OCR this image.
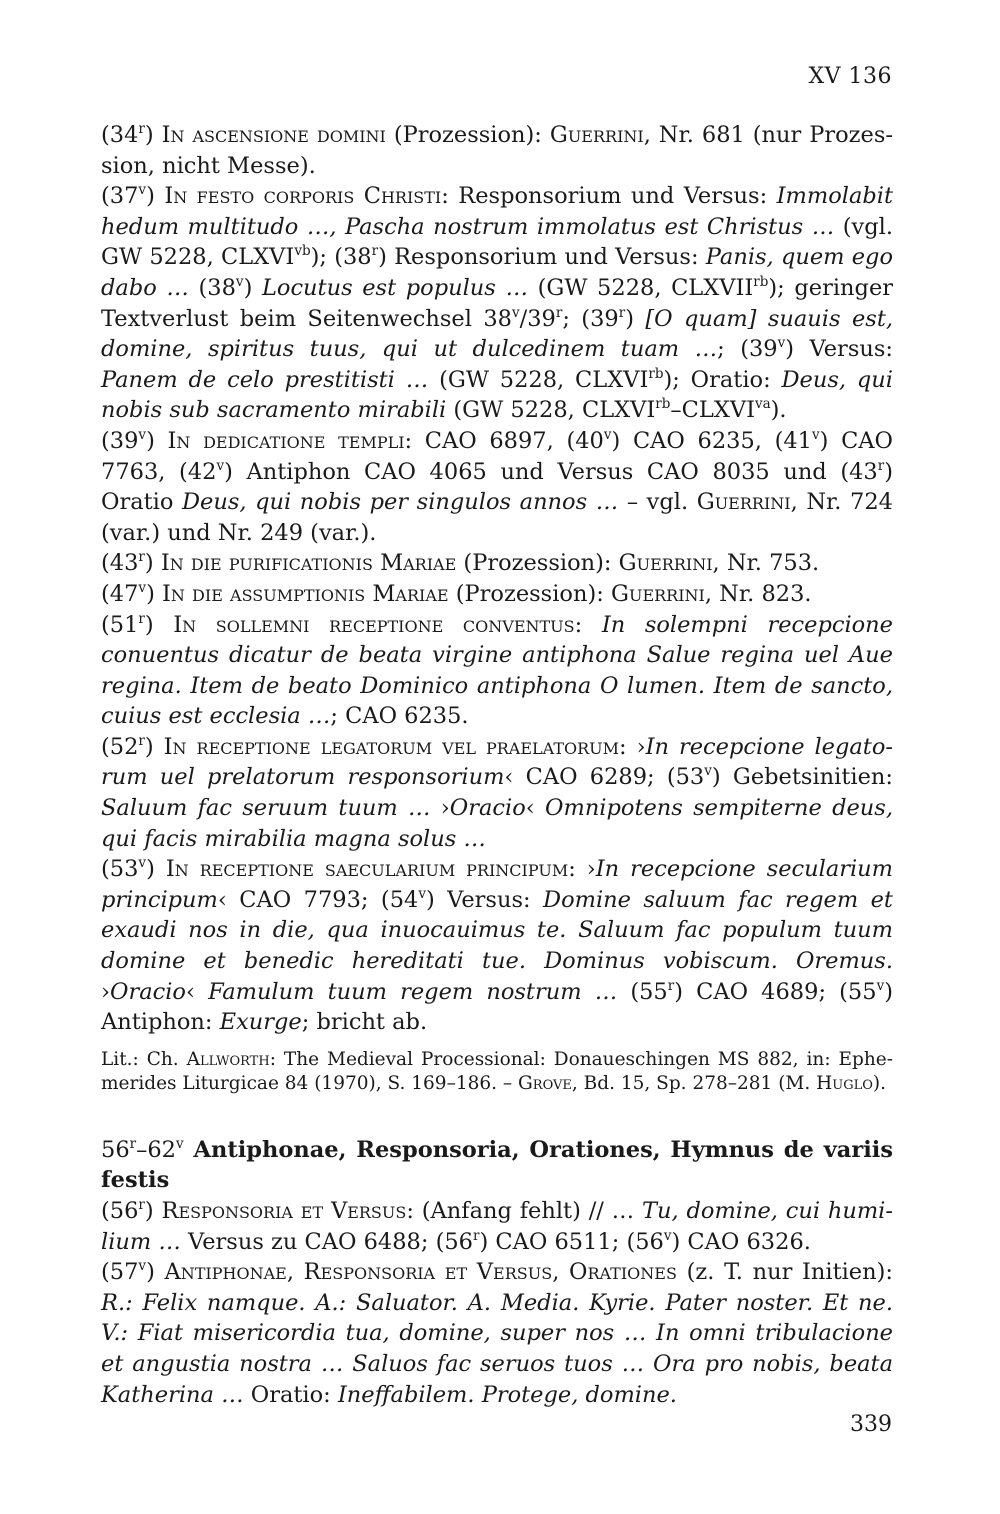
XV 136

(34$^r$) In ascensione domini (Prozession): Guerrini, Nr. 681 (nur Prozession, nicht Messe).

(37$^v$) In festo corporis Christi: Responsorium und Versus: Immolabit hedum multitudo …, Pascha nostrum immolatus est Christus … (vgl. GW 5228, $CLXVI^{vb}$); (38$^r$) Responsorium und Versus: Panis, quem ego dabo … (38$^v$) Locutus est populus … (GW 5228, $CLXVII^{rb}$); geringer Textverlust beim Seitenwechsel 38$^v$/39$^r$; (39$^r$) [O quam] suauis est, domine, spiritus tuus, qui ut dulcedinem tuam …; (39$^v$) Versus: Panem de celo prestitisti … (GW 5228, $CLXVI^{rb}$); Oratio: Deus, qui nobis sub sacramento mirabili (GW 5228, $CLXVI^{rb}-CLXVI^{va}$).

(39$^v$) In dedicatione templi: CAO 6897, (40$^v$) CAO 6235, (41$^v$) CAO 7763, (42$^v$) Antiphon CAO 4065 und Versus CAO 8035 und (43$^r$) Oratio Deus, qui nobis per singulos annos … – vgl. Guerrini, Nr. 724 (var.) und Nr. 249 (var.).

(43$^r$) In die purificationis Mariae (Prozession): Guerrini, Nr. 753.

(47$^v$) In die assumptionis Mariae (Prozession): Guerrini, Nr. 823.

(51$^r$) In sollemni receptione conventus: In solempni recepcione conuentus dicatur de beata virgine antiphona Salue regina uel Aue regina. Item de beato Dominico antiphona O lumen. Item de sancto, cuius est ecclesia …; CAO 6235.

(52$^r$) In receptione legatorum vel praelatorum: ›In recepcione legatorum uel prelatorum responsorium‹ CAO 6289; (53$^v$) Gebetsinitien: Saluum fac seruum tuum … ›Oracio‹ Omnipotens sempiterne deus, qui facis mirabilia magna solus …

(53$^v$) In receptione saecularium principum: ›In recepcione secularium principum‹ CAO 7793; (54$^v$) Versus: Domine saluum fac regem et exaudi nos in die, qua inuocauimus te. Saluum fac populum tuum domine et benedic hereditati tue. Dominus vobiscum. Oremus. ›Oracio‹ Famulum tuum regem nostrum … (55$^r$) CAO 4689; (55$^v$) Antiphon: Exurge; bricht ab.

Lit.: Ch. Allworth: The Medieval Processional: Donaueschingen MS 882, in: Ephemerides Liturgicae 84 (1970), S. 169–186. – Grove, Bd. 15, Sp. 278–281 (M. Huglo).

56$^r$–62$^v$ Antiphonae, Responsoria, Orationes, Hymnus de variis festis

(56$^r$) Responsoria et Versus: (Anfang fehlt) // … Tu, domine, cui humilium … Versus zu CAO 6488; (56$^r$) CAO 6511; (56$^v$) CAO 6326.

(57$^v$) Antiphonae, Responsoria et Versus, Orationes (z. T. nur Initien): R.: Felix namque. A.: Saluator. A. Media. Kyrie. Pater noster. Et ne. V.: Fiat misericordia tua, domine, super nos … In omni tribulacione et angustia nostra … Saluos fac seruos tuos … Ora pro nobis, beata Katherina … Oratio: Ineffabilem. Protege, domine.

339
